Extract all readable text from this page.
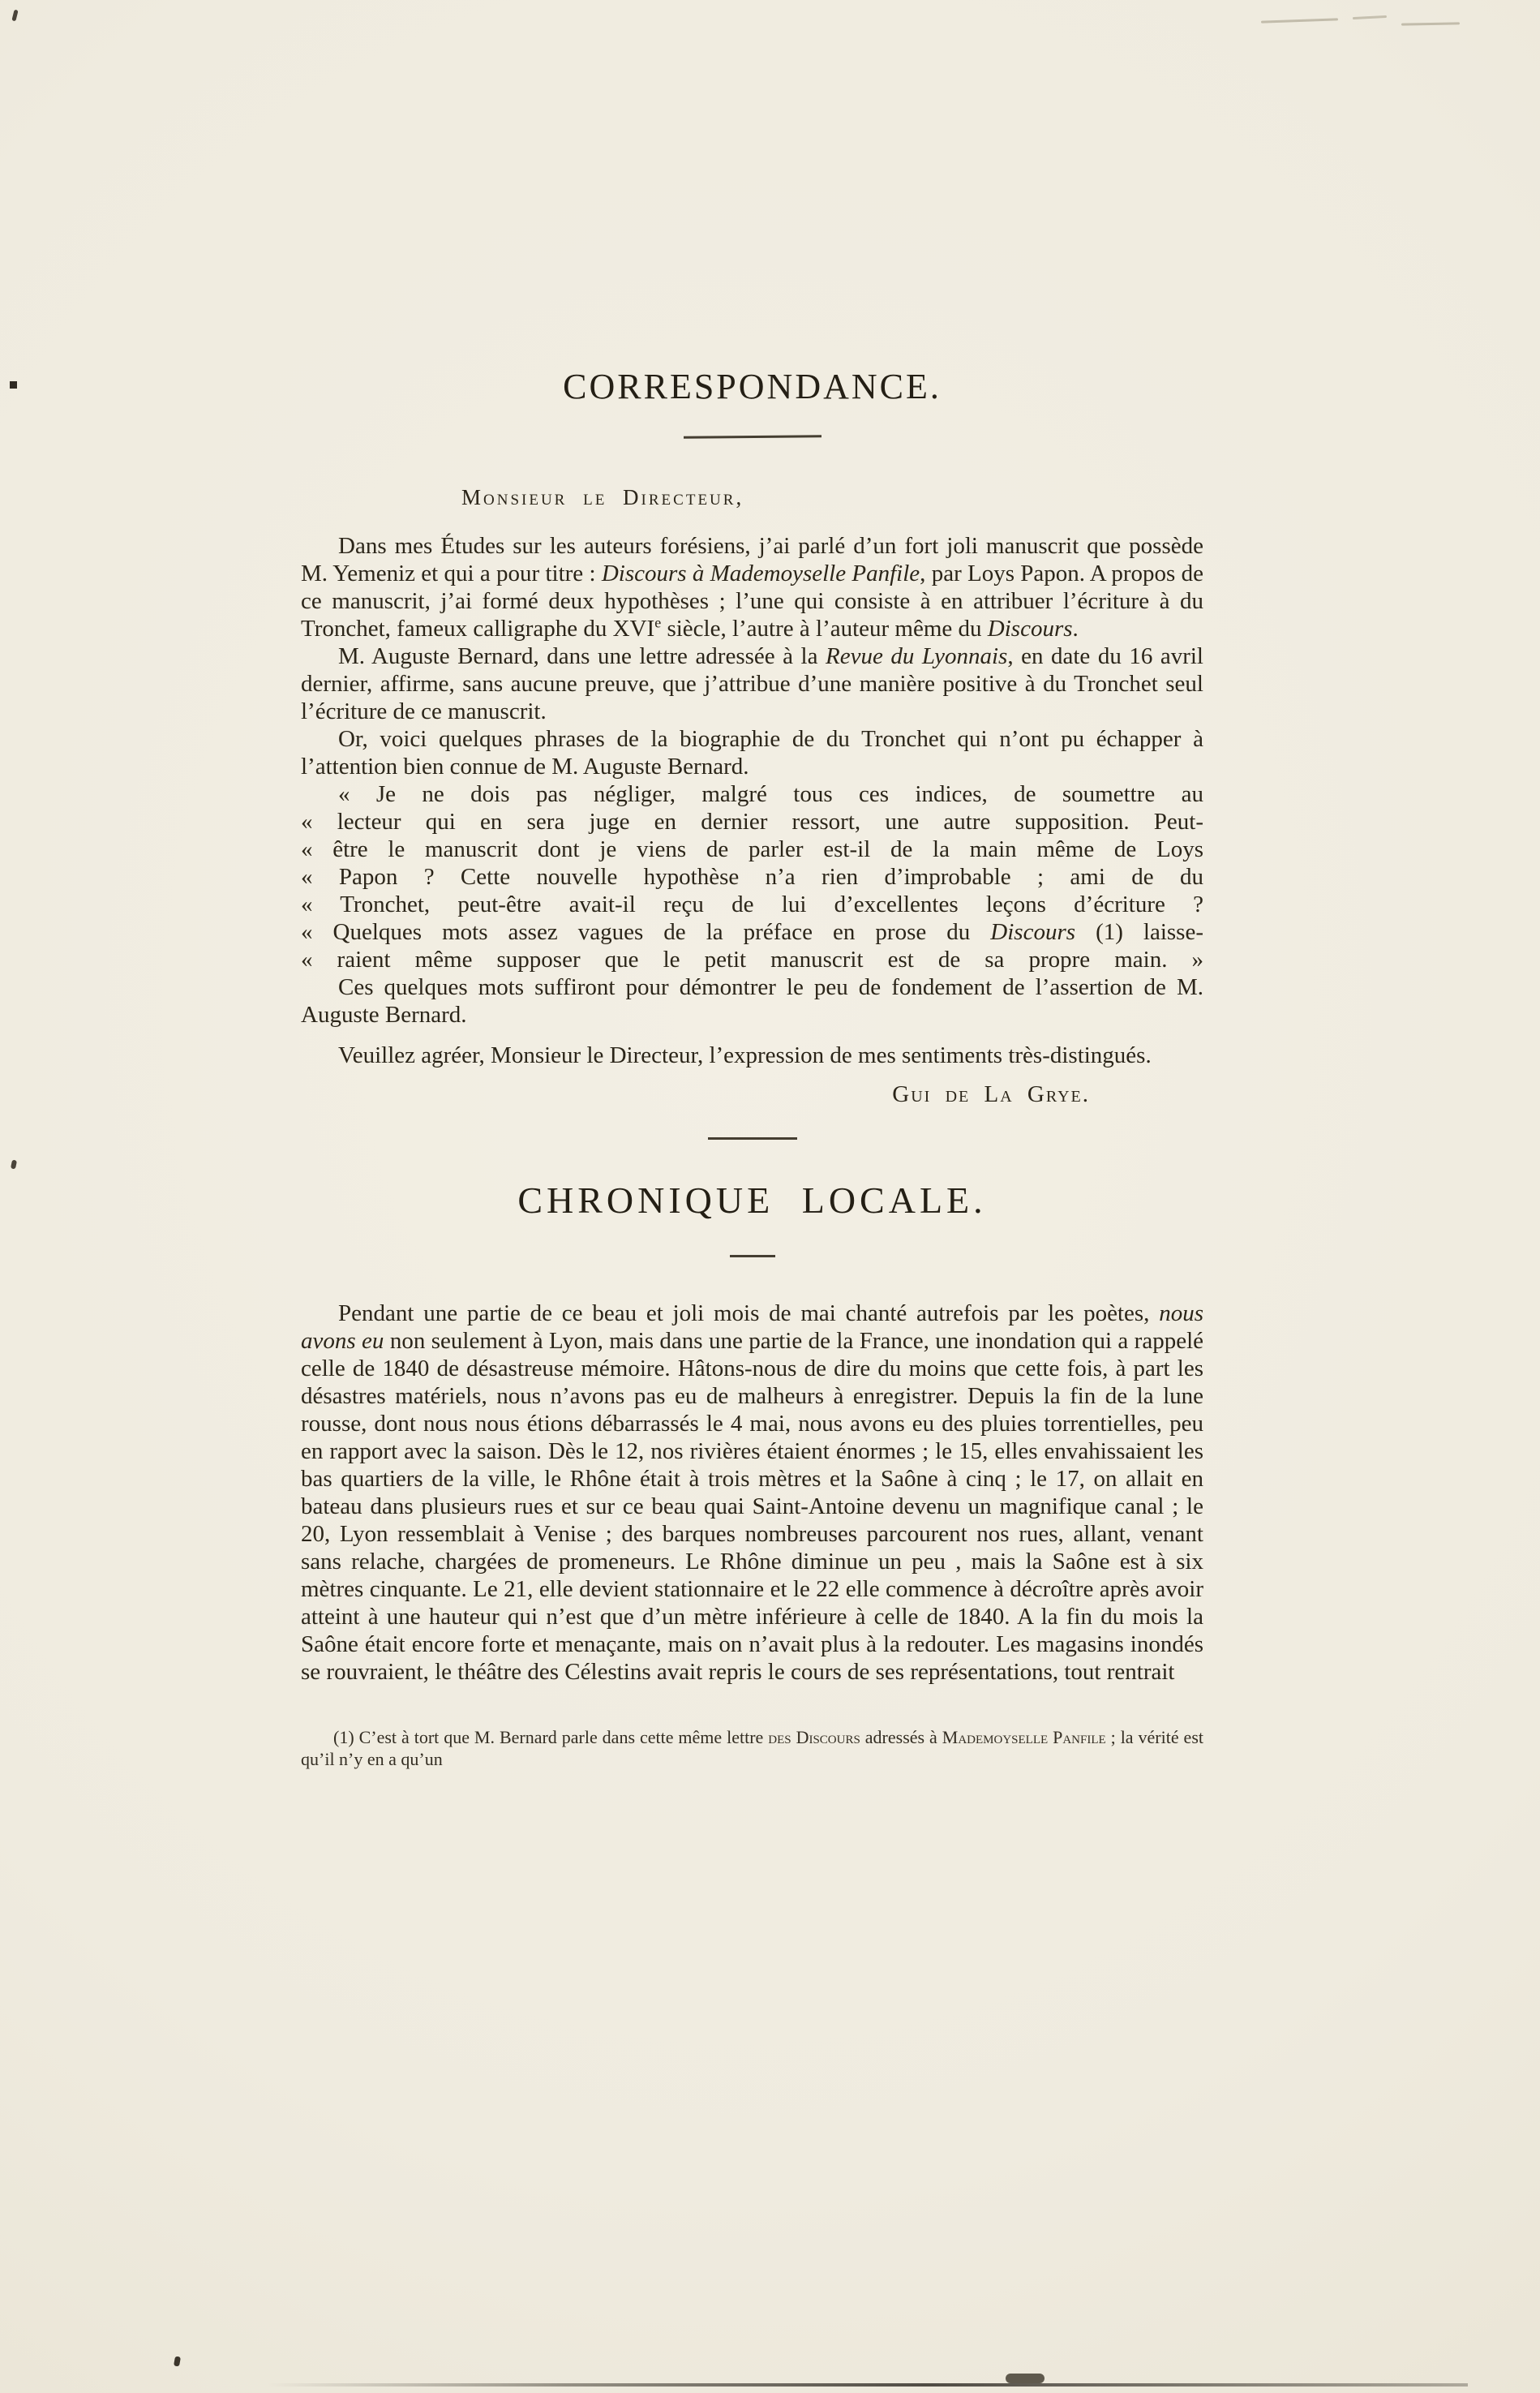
CORRESPONDANCE.

Monsieur le Directeur,

Dans mes Études sur les auteurs forésiens, j’ai parlé d’un fort joli manuscrit que possède M. Yemeniz et qui a pour titre : Discours à Mademoyselle Panfile, par Loys Papon. A propos de ce manuscrit, j’ai formé deux hypothèses ; l’une qui consiste à en attribuer l’écriture à du Tronchet, fameux calligraphe du XVIe siècle, l’autre à l’auteur même du Discours.

M. Auguste Bernard, dans une lettre adressée à la Revue du Lyonnais, en date du 16 avril dernier, affirme, sans aucune preuve, que j’attribue d’une manière positive à du Tronchet seul l’écriture de ce manuscrit.

Or, voici quelques phrases de la biographie de du Tronchet qui n’ont pu échapper à l’attention bien connue de M. Auguste Bernard.

« Je ne dois pas négliger, malgré tous ces indices, de soumettre au
« lecteur qui en sera juge en dernier ressort, une autre supposition. Peut-
« être le manuscrit dont je viens de parler est-il de la main même de Loys
« Papon ? Cette nouvelle hypothèse n’a rien d’improbable ; ami de du
« Tronchet, peut-être avait-il reçu de lui d’excellentes leçons d’écriture ?
« Quelques mots assez vagues de la préface en prose du Discours (1) laisse-
« raient même supposer que le petit manuscrit est de sa propre main. »

Ces quelques mots suffiront pour démontrer le peu de fondement de l’assertion de M. Auguste Bernard.

Veuillez agréer, Monsieur le Directeur, l’expression de mes sentiments très-distingués.

Gui de La Grye.

CHRONIQUE LOCALE.

Pendant une partie de ce beau et joli mois de mai chanté autrefois par les poètes, nous avons eu non seulement à Lyon, mais dans une partie de la France, une inondation qui a rappelé celle de 1840 de désastreuse mémoire. Hâtons-nous de dire du moins que cette fois, à part les désastres matériels, nous n’avons pas eu de malheurs à enregistrer. Depuis la fin de la lune rousse, dont nous nous étions débarrassés le 4 mai, nous avons eu des pluies torrentielles, peu en rapport avec la saison. Dès le 12, nos rivières étaient énormes ; le 15, elles envahissaient les bas quartiers de la ville, le Rhône était à trois mètres et la Saône à cinq ; le 17, on allait en bateau dans plusieurs rues et sur ce beau quai Saint-Antoine devenu un magnifique canal ; le 20, Lyon ressemblait à Venise ; des barques nombreuses parcourent nos rues, allant, venant sans relache, chargées de promeneurs. Le Rhône diminue un peu , mais la Saône est à six mètres cinquante. Le 21, elle devient stationnaire et le 22 elle commence à décroître après avoir atteint à une hauteur qui n’est que d’un mètre inférieure à celle de 1840. A la fin du mois la Saône était encore forte et menaçante, mais on n’avait plus à la redouter. Les magasins inondés se rouvraient, le théâtre des Célestins avait repris le cours de ses représentations, tout rentrait

(1) C’est à tort que M. Bernard parle dans cette même lettre des Discours adressés à Mademoyselle Panfile ; la vérité est qu’il n’y en a qu’un
